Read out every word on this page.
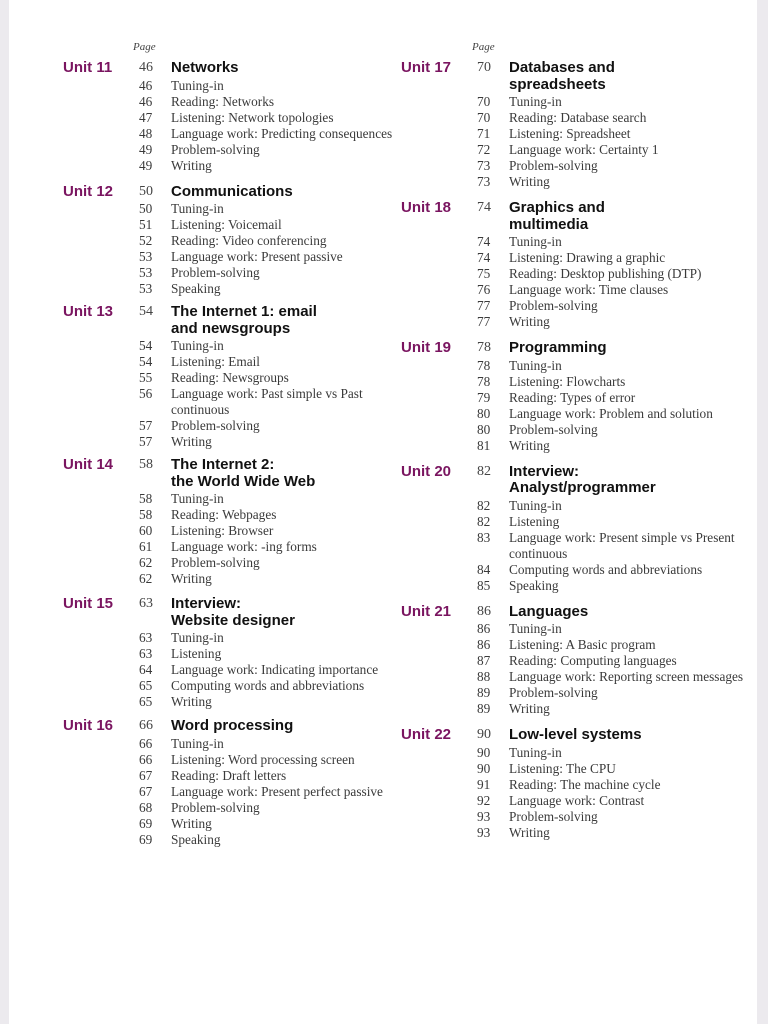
Page
Unit 11	46	Networks
46	Tuning-in
46	Reading: Networks
47	Listening: Network topologies
48	Language work: Predicting consequences
49	Problem-solving
49	Writing
Unit 12	50	Communications
50	Tuning-in
51	Listening: Voicemail
52	Reading: Video conferencing
53	Language work: Present passive
53	Problem-solving
53	Speaking
Unit 13	54	The Internet 1: email
and newsgroups
54	Tuning-in
54	Listening: Email
55	Reading: Newsgroups
56	Language work: Past simple vs Past continuous
57	Problem-solving
57	Writing
Unit 14	58	The Internet 2:
the World Wide Web
58	Tuning-in
58	Reading: Webpages
60	Listening: Browser
61	Language work: -ing forms
62	Problem-solving
62	Writing
Unit 15	63	Interview:
Website designer
63	Tuning-in
63	Listening
64	Language work: Indicating importance
65	Computing words and abbreviations
65	Writing
Unit 16	66	Word processing
66	Tuning-in
66	Listening: Word processing screen
67	Reading: Draft letters
67	Language work: Present perfect passive
68	Problem-solving
69	Writing
69	Speaking
Page
Unit 17	70	Databases and
spreadsheets
70	Tuning-in
70	Reading: Database search
71	Listening: Spreadsheet
72	Language work: Certainty 1
73	Problem-solving
73	Writing
Unit 18	74	Graphics and
multimedia
74	Tuning-in
74	Listening: Drawing a graphic
75	Reading: Desktop publishing (DTP)
76	Language work: Time clauses
77	Problem-solving
77	Writing
Unit 19	78	Programming
78	Tuning-in
78	Listening: Flowcharts
79	Reading: Types of error
80	Language work: Problem and solution
80	Problem-solving
81	Writing
Unit 20	82	Interview:
Analyst/programmer
82	Tuning-in
82	Listening
83	Language work: Present simple vs Present continuous
84	Computing words and abbreviations
85	Speaking
Unit 21	86	Languages
86	Tuning-in
86	Listening: A Basic program
87	Reading: Computing languages
88	Language work: Reporting screen messages
89	Problem-solving
89	Writing
Unit 22	90	Low-level systems
90	Tuning-in
90	Listening: The CPU
91	Reading: The machine cycle
92	Language work: Contrast
93	Problem-solving
93	Writing
